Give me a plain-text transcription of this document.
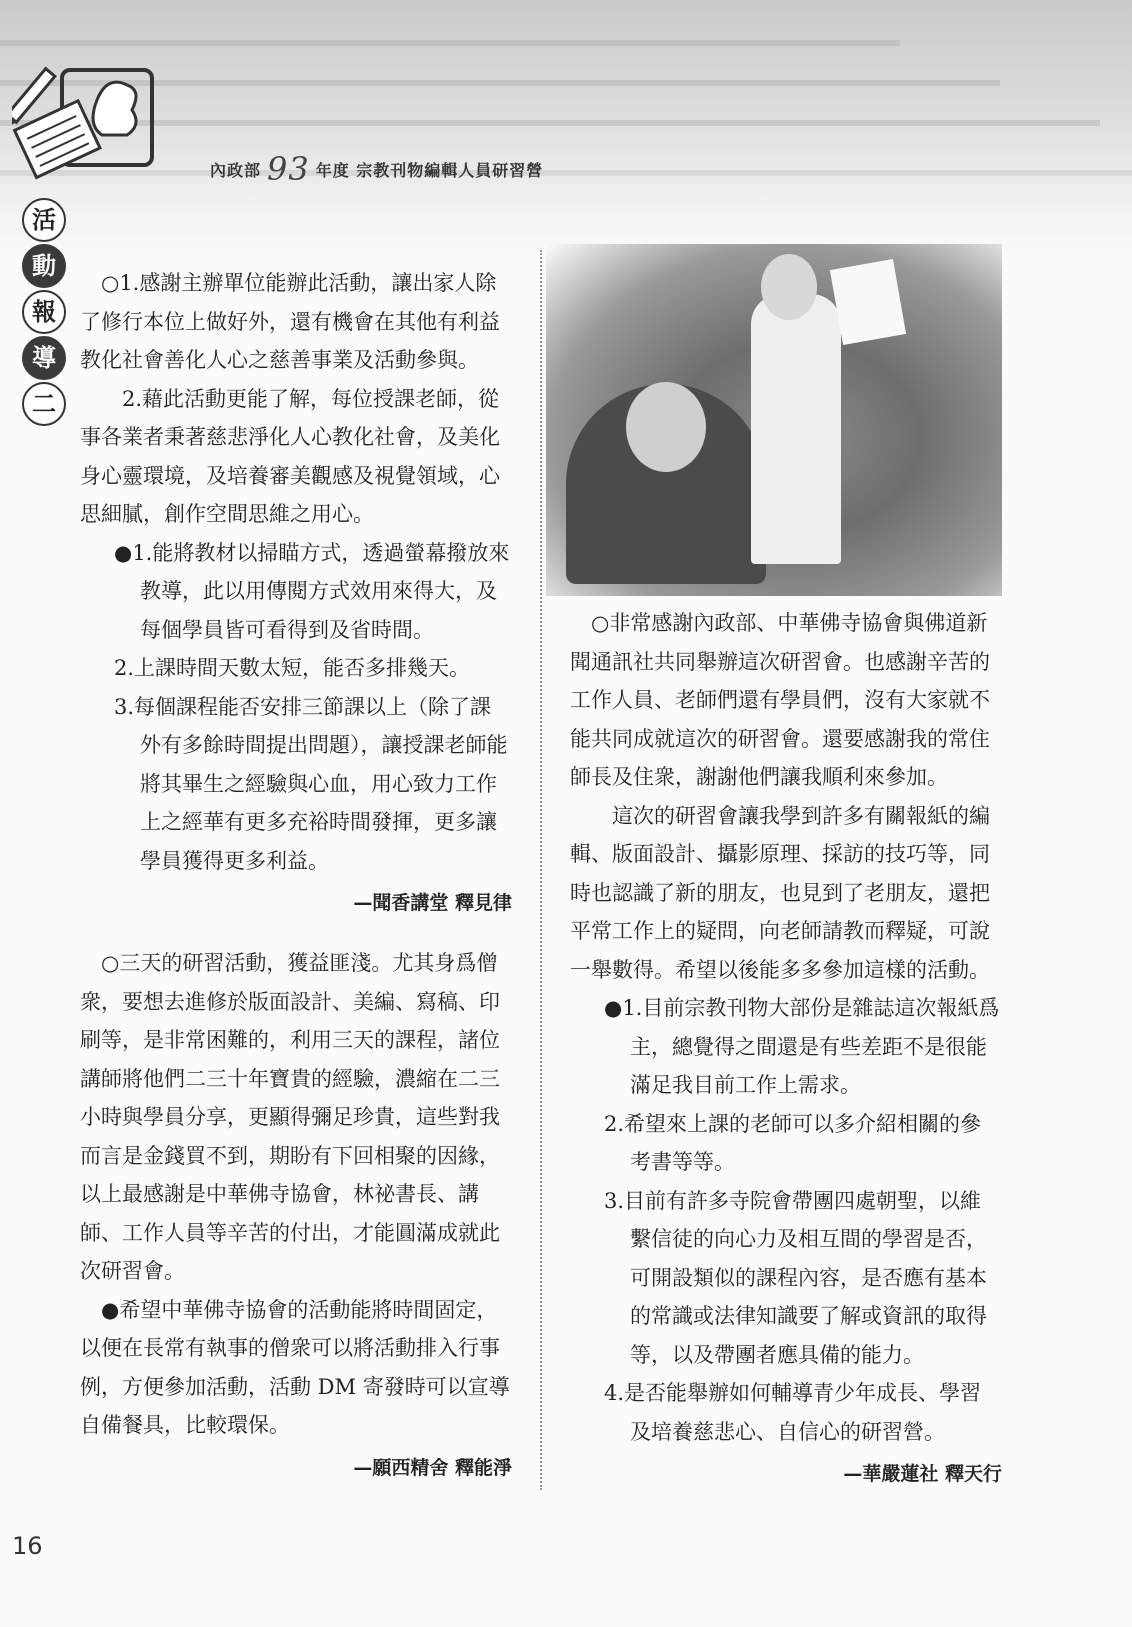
內政部 93 年度 宗教刊物編輯人員研習營
活
動
報
導
二

○1.感謝主辦單位能辦此活動，讓出家人除了修行本位上做好外，還有機會在其他有利益教化社會善化人心之慈善事業及活動參與。

2.藉此活動更能了解，每位授課老師，從事各業者秉著慈悲淨化人心教化社會，及美化身心靈環境，及培養審美觀感及視覺領域，心思細膩，創作空間思維之用心。

●1.能將教材以掃瞄方式，透過螢幕撥放來教導，此以用傳閱方式效用來得大，及每個學員皆可看得到及省時間。

2.上課時間天數太短，能否多排幾天。

3.每個課程能否安排三節課以上（除了課外有多餘時間提出問題），讓授課老師能將其畢生之經驗與心血，用心致力工作上之經華有更多充裕時間發揮，更多讓學員獲得更多利益。

—聞香講堂 釋見律

○三天的研習活動，獲益匪淺。尤其身爲僧衆，要想去進修於版面設計、美編、寫稿、印刷等，是非常困難的，利用三天的課程，諸位講師將他們二三十年寶貴的經驗，濃縮在二三小時與學員分享，更顯得彌足珍貴，這些對我而言是金錢買不到，期盼有下回相聚的因緣，以上最感謝是中華佛寺協會，林祕書長、講師、工作人員等辛苦的付出，才能圓滿成就此次研習會。

●希望中華佛寺協會的活動能將時間固定，以便在長常有執事的僧衆可以將活動排入行事例，方便參加活動，活動 DM 寄發時可以宣導自備餐具，比較環保。

—願西精舍 釋能淨

○非常感謝內政部、中華佛寺協會與佛道新聞通訊社共同舉辦這次研習會。也感謝辛苦的工作人員、老師們還有學員們，沒有大家就不能共同成就這次的研習會。還要感謝我的常住師長及住衆，謝謝他們讓我順利來參加。

這次的研習會讓我學到許多有關報紙的編輯、版面設計、攝影原理、採訪的技巧等，同時也認識了新的朋友，也見到了老朋友，還把平常工作上的疑問，向老師請教而釋疑，可說一舉數得。希望以後能多多參加這樣的活動。

●1.目前宗教刊物大部份是雜誌這次報紙爲主，總覺得之間還是有些差距不是很能滿足我目前工作上需求。

2.希望來上課的老師可以多介紹相關的參考書等等。

3.目前有許多寺院會帶團四處朝聖，以維繫信徒的向心力及相互間的學習是否，可開設類似的課程內容，是否應有基本的常識或法律知識要了解或資訊的取得等，以及帶團者應具備的能力。

4.是否能舉辦如何輔導青少年成長、學習及培養慈悲心、自信心的研習營。

—華嚴蓮社 釋天行

16
